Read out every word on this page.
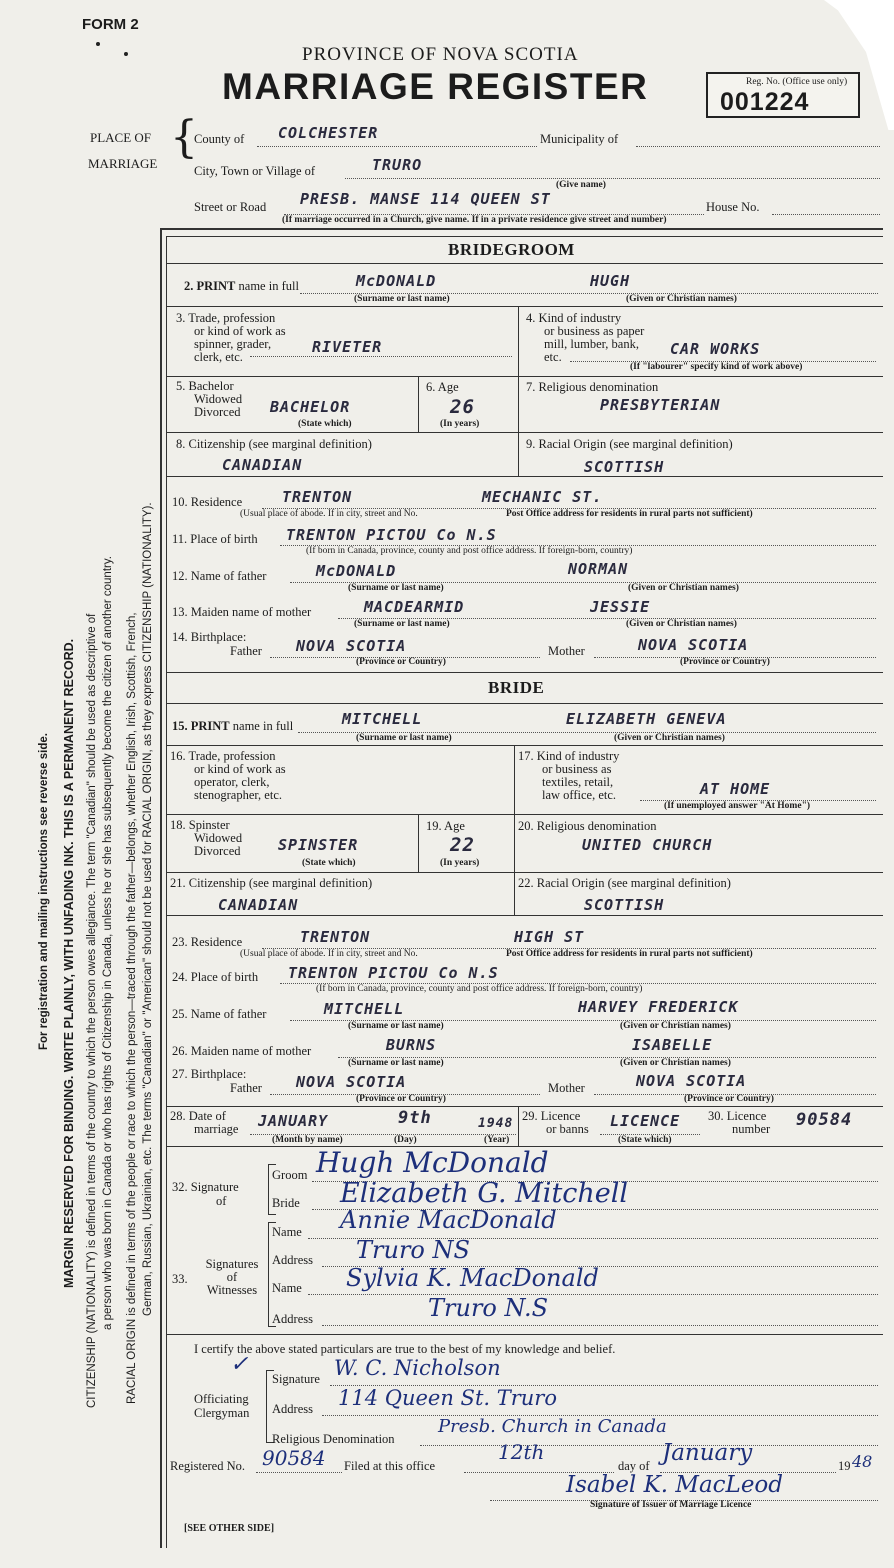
FORM 2
PROVINCE OF NOVA SCOTIA
MARRIAGE REGISTER	Reg. No. (Office use only)
001224
PLACE OF
MARRIAGE
{
County of COLCHESTER	Municipality of
City, Town or Village of	TRURO
(Give name)
Street or Road PRESB. MANSE 114 QUEEN ST	House No.
(If marriage occurred in a Church, give name. If in a private residence give street and number)
For registration and mailing instructions see reverse side. MARGIN RESERVED FOR BINDING. WRITE PLAINLY, WITH UNFADING INK. THIS IS A PERMANENT RECORD. CITIZENSHIP (NATIONALITY) is defined in terms of the country to which the person owes allegiance. The term "Canadian" should be used as descriptive of a person who was born in Canada or who has rights of Citizenship in Canada, unless he or she has subsequently become the citizen of another country. RACIAL ORIGIN is defined in terms of the people or race to which the person—traced through the father—belongs, whether English, Irish, Scottish, French, German, Russian, Ukrainian, etc. The terms "Canadian" or "American" should not be used for RACIAL ORIGIN, as they express CITIZENSHIP (NATIONALITY).
BRIDEGROOM
2. PRINT name in full	McDONALD	HUGH
(Surname or last name)	(Given or Christian names)
3. Trade, profession
or kind of work as
spinner, grader,
clerk, etc.
RIVETER
4. Kind of industry
or business as paper
mill, lumber, bank,
etc.	CAR WORKS
(If "labourer" specify kind of work above)
5. Bachelor
Widowed
Divorced	BACHELOR
(State which)
6. Age
26
(In years)
7. Religious denomination
PRESBYTERIAN
8. Citizenship (see marginal definition)
CANADIAN
9. Racial Origin (see marginal definition)
SCOTTISH
10. Residence	TRENTON	MECHANIC ST.
(Usual place of abode. If in city, street and No.	Post Office address for residents in rural parts not sufficient)
11. Place of birth TRENTON PICTOU Co N.S
(If born in Canada, province, county and post office address. If foreign-born, country)
12. Name of father	McDONALD	NORMAN
(Surname or last name)	(Given or Christian names)
13. Maiden name of mother	MACDEARMID	JESSIE
(Surname or last name)	(Given or Christian names)
14. Birthplace:
Father NOVA SCOTIA	Mother	NOVA SCOTIA
(Province or Country)	(Province or Country)
BRIDE
15. PRINT name in full	MITCHELL	ELIZABETH GENEVA
(Surname or last name)	(Given or Christian names)
16. Trade, profession
or kind of work as
operator, clerk,
stenographer, etc.
17. Kind of industry
or business as
textiles, retail,
law office, etc.	AT HOME
(If unemployed answer "At Home")
18. Spinster
Widowed
Divorced	SPINSTER
(State which)
19. Age
22
(In years)
20. Religious denomination
UNITED CHURCH
21. Citizenship (see marginal definition)
CANADIAN
22. Racial Origin (see marginal definition)
SCOTTISH
23. Residence	TRENTON	HIGH ST
(Usual place of abode. If in city, street and No.	Post Office address for residents in rural parts not sufficient)
24. Place of birth TRENTON PICTOU Co N.S
(If born in Canada, province, county and post office address. If foreign-born, country)
25. Name of father	MITCHELL	HARVEY FREDERICK
(Surname or last name)	(Given or Christian names)
26. Maiden name of mother	BURNS	ISABELLE
(Surname or last name)	(Given or Christian names)
27. Birthplace:
Father NOVA SCOTIA	Mother	NOVA SCOTIA
(Province or Country)	(Province or Country)
28. Date of
marriage	JANUARY	9th	1948
(Month by name)	(Day)	(Year)
29. Licence
or banns	LICENCE
(State which)
30. Licence
number	90584
32. Signature
of
Groom Hugh McDonald
Bride Elizabeth G. Mitchell
33.
Signatures
of
Witnesses
Name Annie MacDonald
Address Truro NS
Name Sylvia K. MacDonald
Address	Truro N.S
I certify the above stated particulars are true to the best of my knowledge and belief.
✓
Officiating
Clergyman
Signature W. C. Nicholson
Address 114 Queen St. Truro
Religious Denomination
Presb. Church in Canada
Registered No. 90584 Filed at this office
12th
day of January	19 48
Isabel K. MacLeod
Signature of Issuer of Marriage Licence
[SEE OTHER SIDE]
